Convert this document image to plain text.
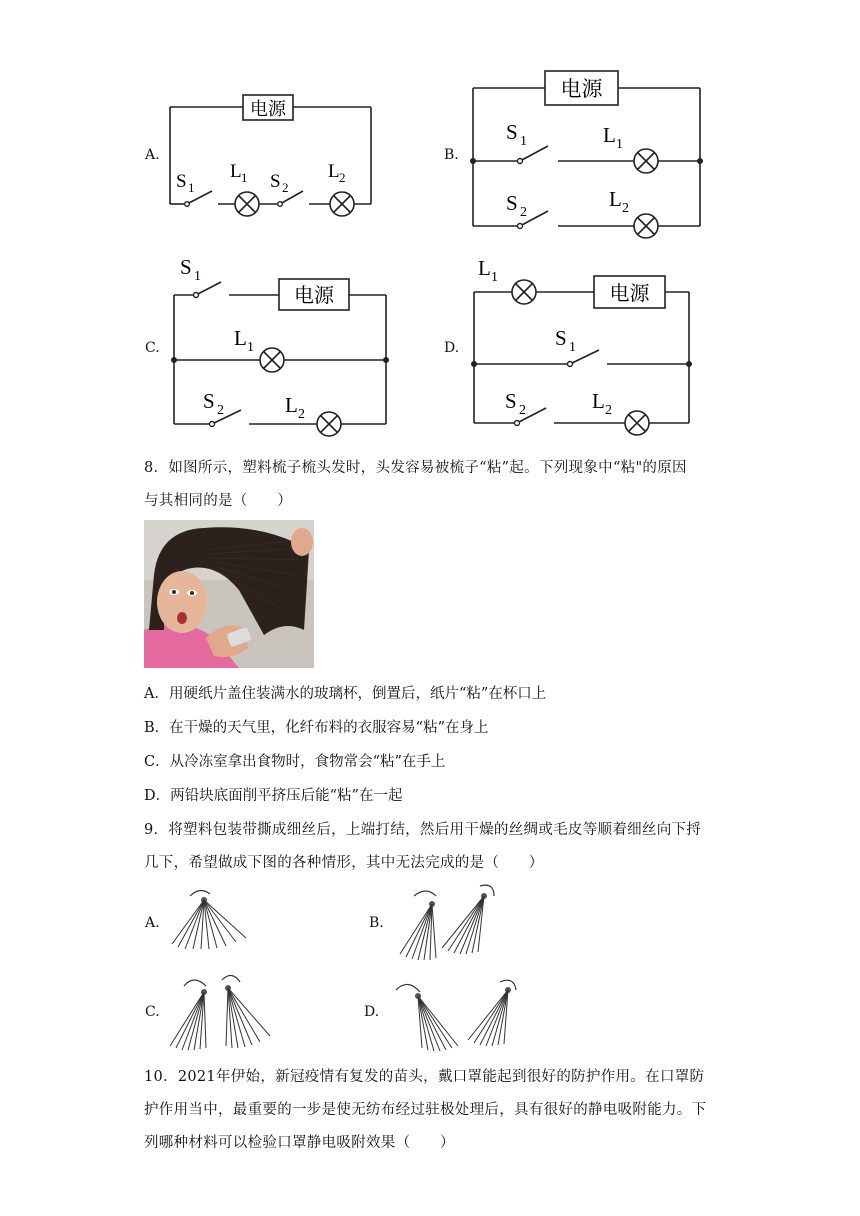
A.	B.
C.	D.
电源
S 1
L 1 S 2
L 2
电源
S 1	L 1
S 2
L 2
电源
S 1
L 1
S 2	L 2
电源
L 1
S 1
S 2	L 2
8．如图所示，塑料梳子梳头发时，头发容易被梳子“粘”起。下列现象中“粘"的原因
与其相同的是（　　）
A．用硬纸片盖住装满水的玻璃杯，倒置后，纸片“粘”在杯口上
B．在干燥的天气里，化纤布料的衣服容易“粘”在身上
C．从冷冻室拿出食物时，食物常会“粘”在手上
D．两铅块底面削平挤压后能“粘”在一起
9．将塑料包装带撕成细丝后，上端打结，然后用干燥的丝绸或毛皮等顺着细丝向下捋
几下，希望做成下图的各种情形，其中无法完成的是（　　）
A.	B.
C.	D.
10．2021年伊始，新冠疫情有复发的苗头，戴口罩能起到很好的防护作用。在口罩防
护作用当中，最重要的一步是使无纺布经过驻极处理后，具有很好的静电吸附能力。下
列哪种材料可以检验口罩静电吸附效果（　　）
